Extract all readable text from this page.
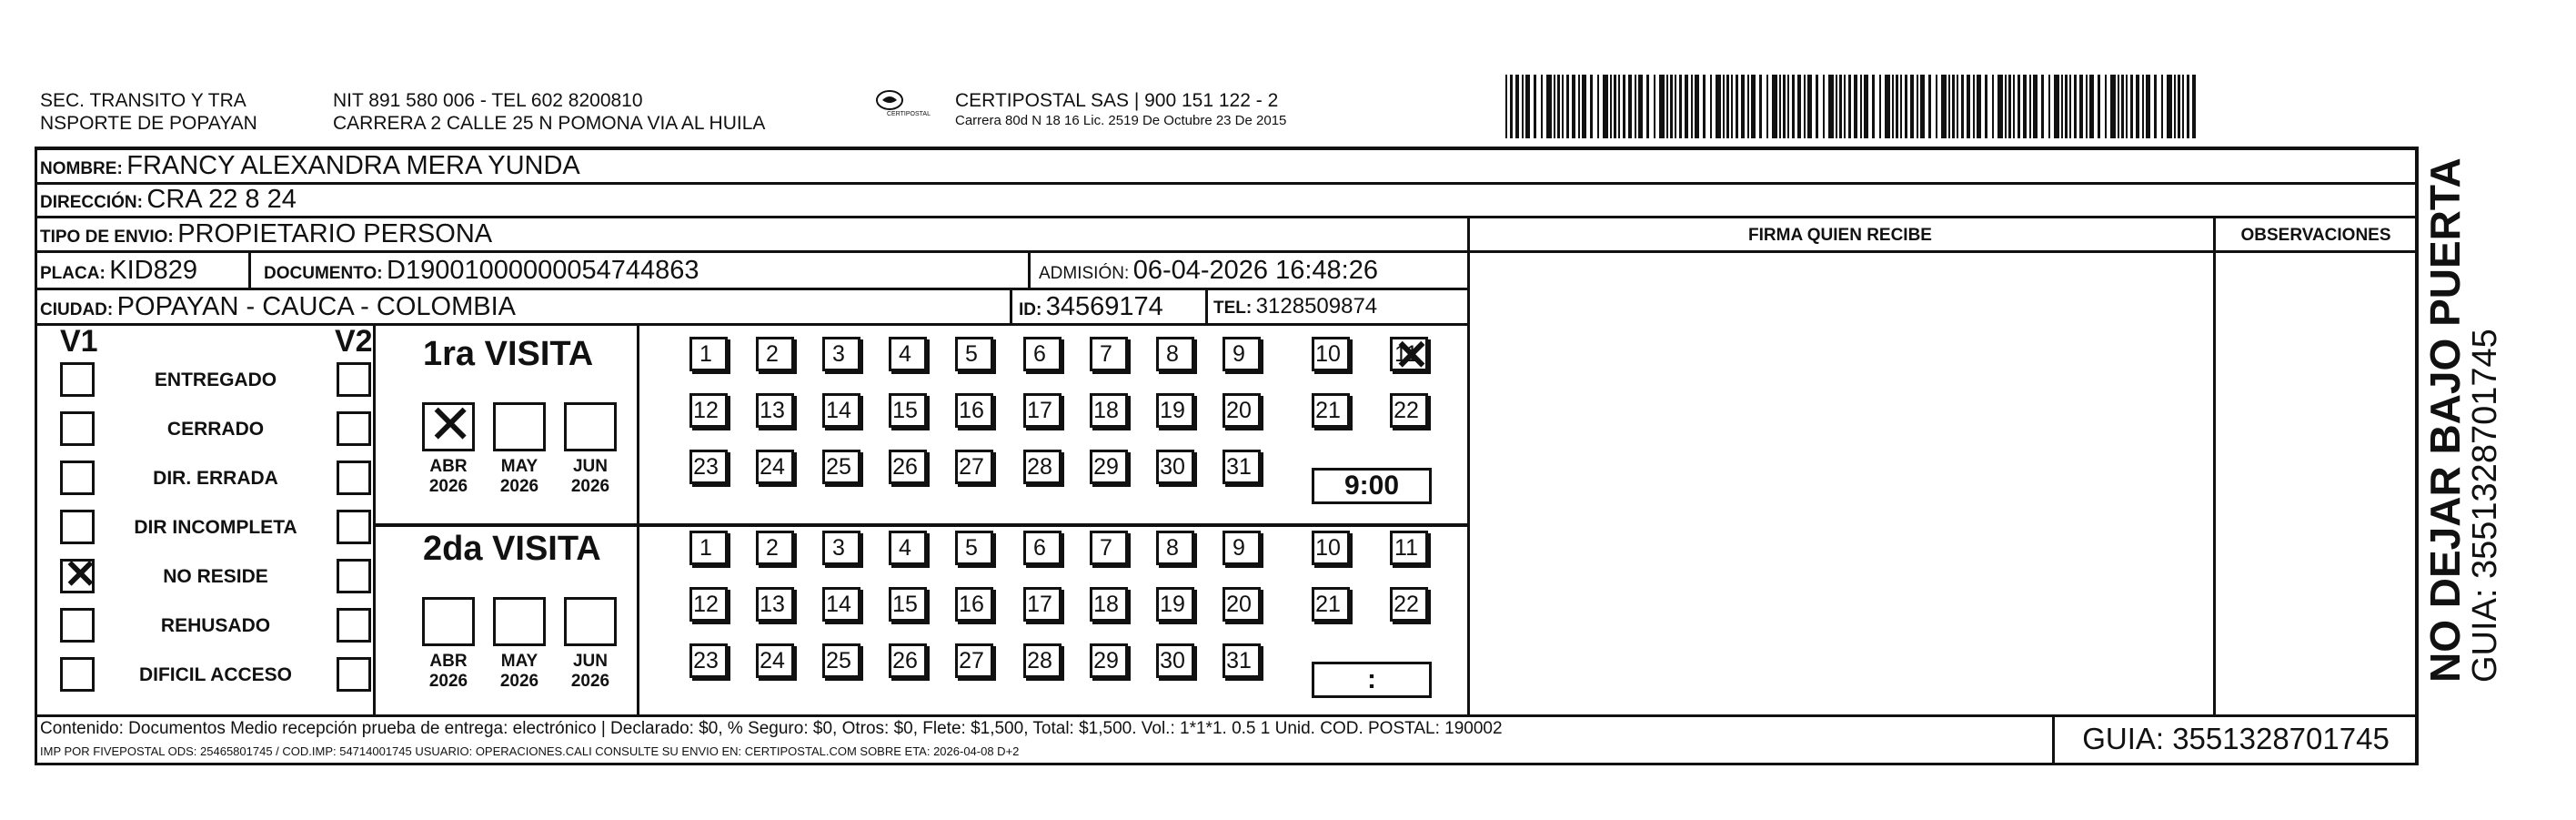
SEC. TRANSITO Y TRA
NSPORTE DE POPAYAN
NIT 891 580 006 - TEL 602 8200810
CARRERA 2 CALLE 25 N POMONA VIA AL HUILA	CERTIPOSTAL
CERTIPOSTAL SAS | 900 151 122 - 2
Carrera 80d N 18 16 Lic. 2519 De Octubre 23 De 2015
NOMBRE: FRANCY ALEXANDRA MERA YUNDA
DIRECCIÓN: CRA 22 8 24
TIPO DE ENVIO: PROPIETARIO PERSONA
PLACA: KID829	DOCUMENTO: D19001000000054744863	ADMISIÓN: 06-04-2026 16:48:26
CIUDAD: POPAYAN - CAUCA - COLOMBIA	ID: 34569174	TEL: 3128509874
FIRMA QUIEN RECIBE	OBSERVACIONES
V1	V2
ENTREGADO
CERRADO
DIR. ERRADA
DIR INCOMPLETA
✕
NO RESIDE
REHUSADO
DIFICIL ACCESO
1ra VISITA
✕
ABR
2026
MAY
2026
JUN
2026
1	2	3	4	5	6	7	8	9	10
✕	11
12	13	14	15	16	17	18	19	20	21	22
23	24	25	26	27	28	29	30	31
9:00
2da VISITA
ABR
2026
MAY
2026
JUN
2026
1	2	3	4	5	6	7	8	9	10	11
12	13	14	15	16	17	18	19	20	21	22
23	24	25	26	27	28	29	30	31
:
Contenido: Documentos Medio recepción prueba de entrega: electrónico | Declarado: $0, % Seguro: $0, Otros: $0, Flete: $1,500, Total: $1,500. Vol.: 1*1*1. 0.5 1 Unid. COD. POSTAL: 190002
IMP POR FIVEPOSTAL ODS: 25465801745 / COD.IMP: 54714001745 USUARIO: OPERACIONES.CALI CONSULTE SU ENVIO EN: CERTIPOSTAL.COM SOBRE ETA: 2026-04-08 D+2	GUIA: 3551328701745
NO DEJAR BAJO PUERTA
GUIA: 3551328701745
